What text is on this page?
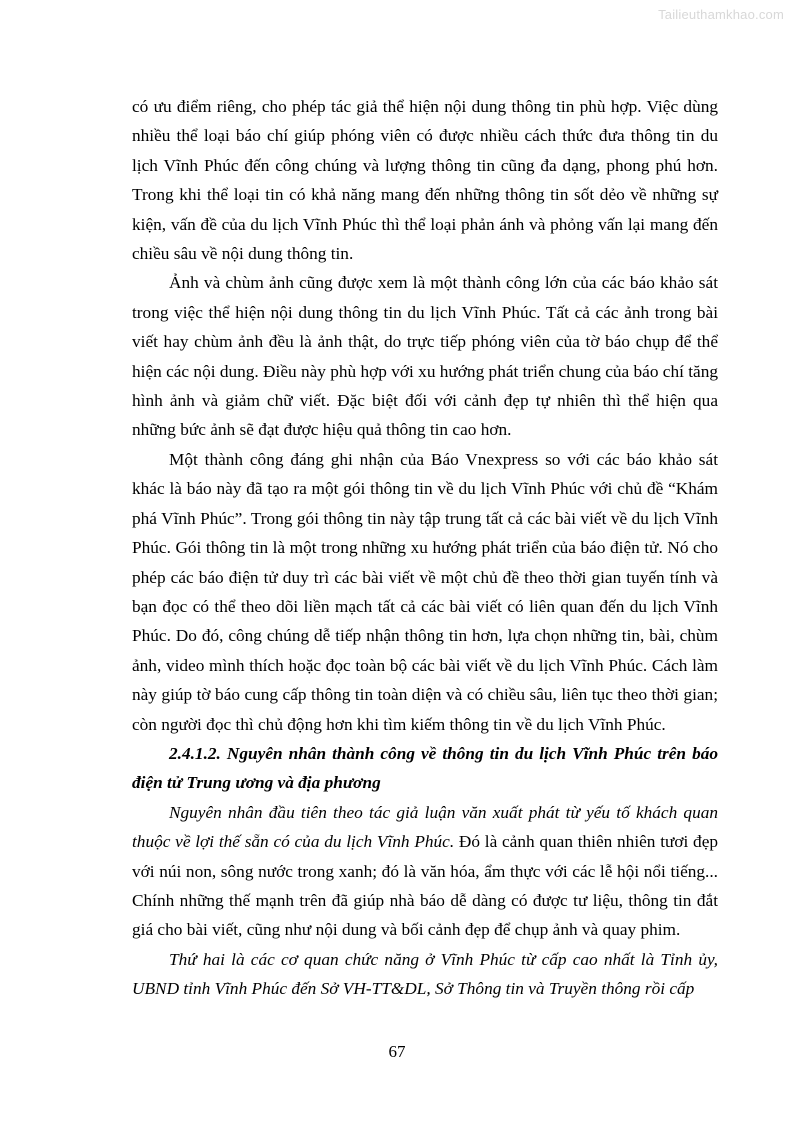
Tailieuthamkhao.com

có ưu điểm riêng, cho phép tác giả thể hiện nội dung thông tin phù hợp. Việc dùng nhiều thể loại báo chí giúp phóng viên có được nhiều cách thức đưa thông tin du lịch Vĩnh Phúc đến công chúng và lượng thông tin cũng đa dạng, phong phú hơn. Trong khi thể loại tin có khả năng mang đến những thông tin sốt dẻo về những sự kiện, vấn đề của du lịch Vĩnh Phúc thì thể loại phản ánh và phỏng vấn lại mang đến chiều sâu về nội dung thông tin.

Ảnh và chùm ảnh cũng được xem là một thành công lớn của các báo khảo sát trong việc thể hiện nội dung thông tin du lịch Vĩnh Phúc. Tất cả các ảnh trong bài viết hay chùm ảnh đều là ảnh thật, do trực tiếp phóng viên của tờ báo chụp để thể hiện các nội dung. Điều này phù hợp với xu hướng phát triển chung của báo chí tăng hình ảnh và giảm chữ viết. Đặc biệt đối với cảnh đẹp tự nhiên thì thể hiện qua những bức ảnh sẽ đạt được hiệu quả thông tin cao hơn.

Một thành công đáng ghi nhận của Báo Vnexpress so với các báo khảo sát khác là báo này đã tạo ra một gói thông tin về du lịch Vĩnh Phúc với chủ đề “Khám phá Vĩnh Phúc”. Trong gói thông tin này tập trung tất cả các bài viết về du lịch Vĩnh Phúc. Gói thông tin là một trong những xu hướng phát triển của báo điện tử. Nó cho phép các báo điện tử duy trì các bài viết về một chủ đề theo thời gian tuyến tính và bạn đọc có thể theo dõi liền mạch tất cả các bài viết có liên quan đến du lịch Vĩnh Phúc. Do đó, công chúng dễ tiếp nhận thông tin hơn, lựa chọn những tin, bài, chùm ảnh, video mình thích hoặc đọc toàn bộ các bài viết về du lịch Vĩnh Phúc. Cách làm này giúp tờ báo cung cấp thông tin toàn diện và có chiều sâu, liên tục theo thời gian; còn người đọc thì chủ động hơn khi tìm kiếm thông tin về du lịch Vĩnh Phúc.

2.4.1.2. Nguyên nhân thành công về thông tin du lịch Vĩnh Phúc trên báo điện tử Trung ương và địa phương

Nguyên nhân đầu tiên theo tác giả luận văn xuất phát từ yếu tố khách quan thuộc về lợi thế sẵn có của du lịch Vĩnh Phúc. Đó là cảnh quan thiên nhiên tươi đẹp với núi non, sông nước trong xanh; đó là văn hóa, ẩm thực với các lễ hội nổi tiếng... Chính những thế mạnh trên đã giúp nhà báo dễ dàng có được tư liệu, thông tin đắt giá cho bài viết, cũng như nội dung và bối cảnh đẹp để chụp ảnh và quay phim.

Thứ hai là các cơ quan chức năng ở Vĩnh Phúc từ cấp cao nhất là Tỉnh ủy, UBND tỉnh Vĩnh Phúc đến Sở VH-TT&DL, Sở Thông tin và Truyền thông rồi cấp

67
